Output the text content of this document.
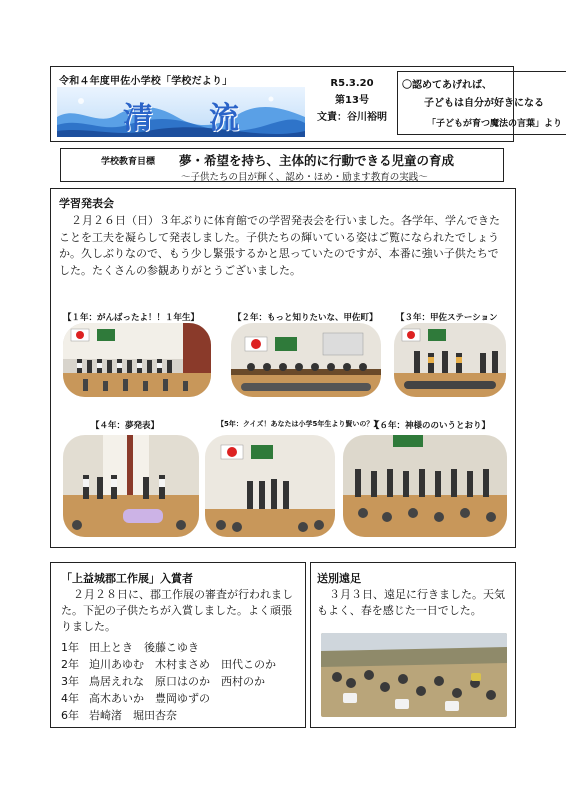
令和４年度甲佐小学校「学校だより」
清流
R5.3.20
第13号
文責：谷川裕明
〇認めてあげれば、
子どもは自分が好きになる
「子どもが育つ魔法の言葉」より
学校教育目標 夢・希望を持ち、主体的に行動できる児童の育成
～子供たちの目が輝く、認め・ほめ・励ます教育の実践～
学習発表会
２月２６日（日）３年ぶりに体育館での学習発表会を行いました。各学年、学んできたことを工夫を凝らして発表しました。子供たちの輝いている姿はご覧になられたでしょうか。久しぶりなので、もう少し緊張するかと思っていたのですが、本番に強い子供たちでした。たくさんの参観ありがとうございました。
【１年：がんばったよ！！１年生】	【２年：もっと知りたいな、甲佐町】 【３年：甲佐ステーション
【４年：夢発表】	【5年：クイズ！あなたは小学5年生より賢いの？】
【６年：神様ののいうとおり】
「上益城郡工作展」入賞者
２月２８日に、郡工作展の審査が行われました。下記の子供たちが入賞しました。よく頑張りました。
1年 田上とき　後藤こゆき
2年 迫川あゆむ　木村まさめ　田代このか
3年 鳥居えれな　原口はのか　西村のか
4年 高木あいか　豊岡ゆずの
6年 岩崎渚　堀田杏奈
送別遠足
３月３日、遠足に行きました。天気もよく、春を感じた一日でした。
